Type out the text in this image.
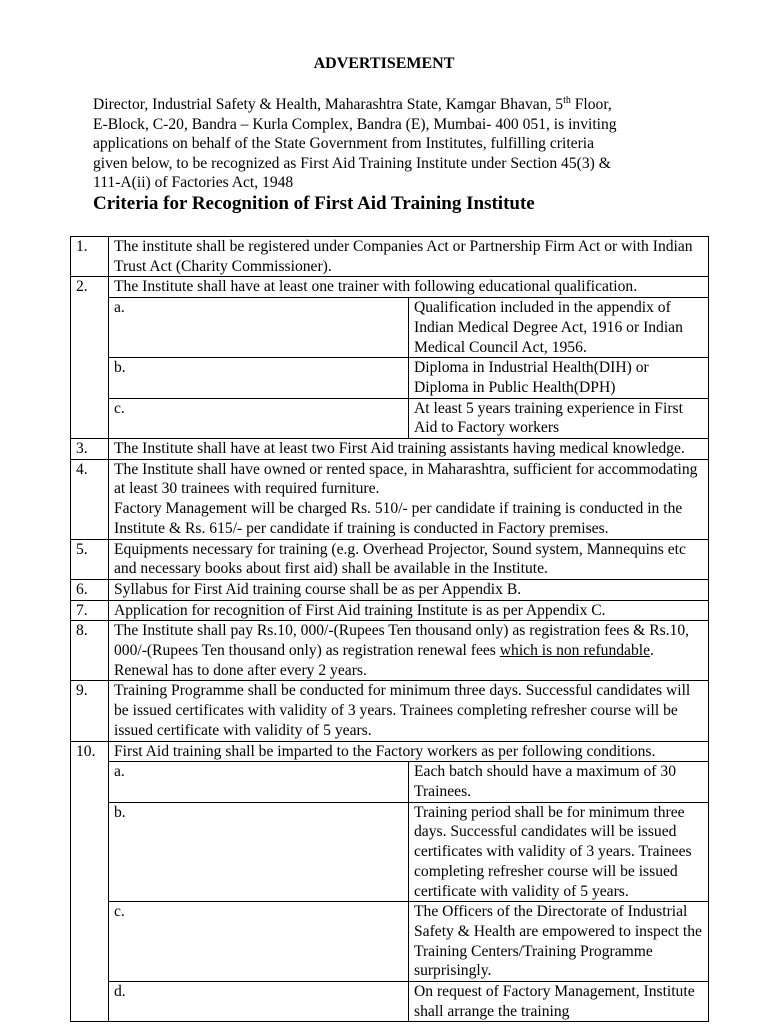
ADVERTISEMENT
Director, Industrial Safety & Health, Maharashtra State, Kamgar Bhavan, 5th Floor,
E-Block, C-20, Bandra – Kurla Complex, Bandra (E), Mumbai- 400 051, is inviting
applications on behalf of the State Government from Institutes, fulfilling criteria
given below, to be recognized as First Aid Training Institute under Section 45(3) &
111-A(ii) of Factories Act, 1948
Criteria for Recognition of First Aid Training Institute
1.	The institute shall be registered under Companies Act or Partnership Firm Act or with Indian Trust Act (Charity Commissioner).	
2.	The Institute shall have at least one trainer with following educational qualification.	
	a.	Qualification included in the appendix of Indian Medical Degree Act, 1916 or Indian Medical Council Act, 1956.
	b.	Diploma in Industrial Health(DIH) or Diploma in Public Health(DPH)
	c.	At least 5 years training experience in First Aid to Factory workers
3.	The Institute shall have at least two First Aid training assistants having medical knowledge.	
4.	The Institute shall have owned or rented space, in Maharashtra, sufficient for accommodating at least 30 trainees with required furniture.
Factory Management will be charged Rs. 510/- per candidate if training is conducted in the Institute & Rs. 615/- per candidate if training is conducted in Factory premises.	

5.	Equipments necessary for training (e.g. Overhead Projector, Sound system, Mannequins etc and necessary books about first aid) shall be available in the Institute.	
6.	Syllabus for First Aid training course shall be as per Appendix B.	
7.	Application for recognition of First Aid training Institute is as per Appendix C.	
8.	The Institute shall pay Rs.10, 000/-(Rupees Ten thousand only) as registration fees & Rs.10, 000/-(Rupees Ten thousand only) as registration renewal fees which is non refundable. Renewal has to done after every 2 years.	
9.	Training Programme shall be conducted for minimum three days. Successful candidates will be issued certificates with validity of 3 years. Trainees completing refresher course will be issued certificate with validity of 5 years.	
10.	First Aid training shall be imparted to the Factory workers as per following conditions.	
	a.	Each batch should have a maximum of 30 Trainees.
	b.	Training period shall be for minimum three days. Successful candidates will be issued certificates with validity of 3 years. Trainees completing refresher course will be issued certificate with validity of 5 years.
	c.	The Officers of the Directorate of Industrial Safety & Health are empowered to inspect the Training Centers/Training Programme surprisingly.
	d.	On request of Factory Management, Institute shall arrange the training
